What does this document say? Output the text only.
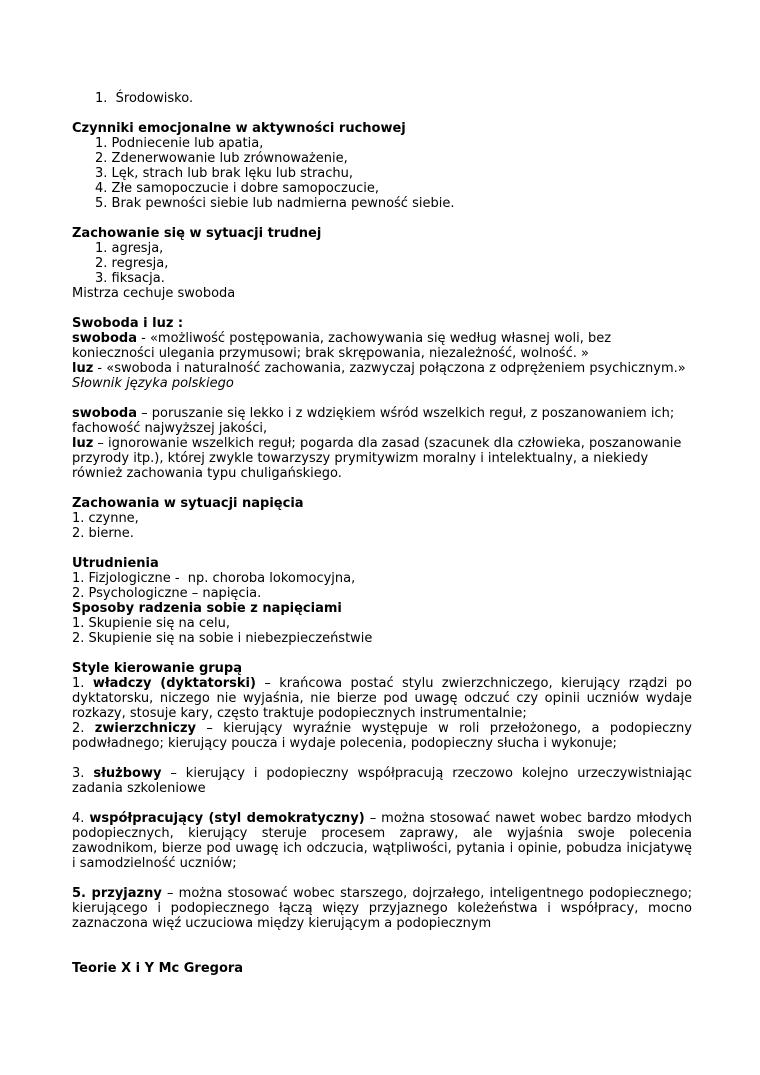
1.  Środowisko.
Czynniki emocjonalne w aktywności ruchowej
1. Podniecenie lub apatia,
2. Zdenerwowanie lub zrównoważenie,
3. Lęk, strach lub brak lęku lub strachu,
4. Złe samopoczucie i dobre samopoczucie,
5. Brak pewności siebie lub nadmierna pewność siebie.
Zachowanie się w sytuacji trudnej
1. agresja,
2. regresja,
3. fiksacja.
Mistrza cechuje swoboda
Swoboda i luz :
swoboda - «możliwość postępowania, zachowywania się według własnej woli, bez konieczności ulegania przymusowi; brak skrępowania, niezależność, wolność. »
luz - «swoboda i naturalność zachowania, zazwyczaj połączona z odprężeniem psychicznym.»
Słownik języka polskiego
swoboda – poruszanie się lekko i z wdziękiem wśród wszelkich reguł, z poszanowaniem ich; fachowość najwyższej jakości,
luz – ignorowanie wszelkich reguł; pogarda dla zasad (szacunek dla człowieka, poszanowanie przyrody itp.), której zwykle towarzyszy prymitywizm moralny i intelektualny, a niekiedy również zachowania typu chuligańskiego.
Zachowania w sytuacji napięcia
1. czynne,
2. bierne.
Utrudnienia
1. Fizjologiczne -  np. choroba lokomocyjna,
2. Psychologiczne – napięcia.
Sposoby radzenia sobie z napięciami
1. Skupienie się na celu,
2. Skupienie się na sobie i niebezpieczeństwie
Style kierowanie grupą
1. władczy (dyktatorski) – krańcowa postać stylu zwierzchniczego, kierujący rządzi po dyktatorsku, niczego nie wyjaśnia, nie bierze pod uwagę odczuć czy opinii uczniów wydaje rozkazy, stosuje kary, często traktuje podopiecznych instrumentalnie;
2. zwierzchniczy – kierujący wyraźnie występuje w roli przełożonego, a podopieczny podwładnego; kierujący poucza i wydaje polecenia, podopieczny słucha i wykonuje;
3. służbowy – kierujący i podopieczny współpracują rzeczowo kolejno urzeczywistniając zadania szkoleniowe
4. współpracujący (styl demokratyczny) – można stosować nawet wobec bardzo młodych podopiecznych, kierujący steruje procesem zaprawy, ale wyjaśnia swoje polecenia zawodnikom, bierze pod uwagę ich odczucia, wątpliwości, pytania i opinie, pobudza inicjatywę i samodzielność uczniów;
5. przyjazny – można stosować wobec starszego, dojrzałego, inteligentnego podopiecznego; kierującego i podopiecznego łączą więzy przyjaznego koleżeństwa i współpracy, mocno zaznaczona więź uczuciowa między kierującym a podopiecznym
Teorie X i Y Mc Gregora
